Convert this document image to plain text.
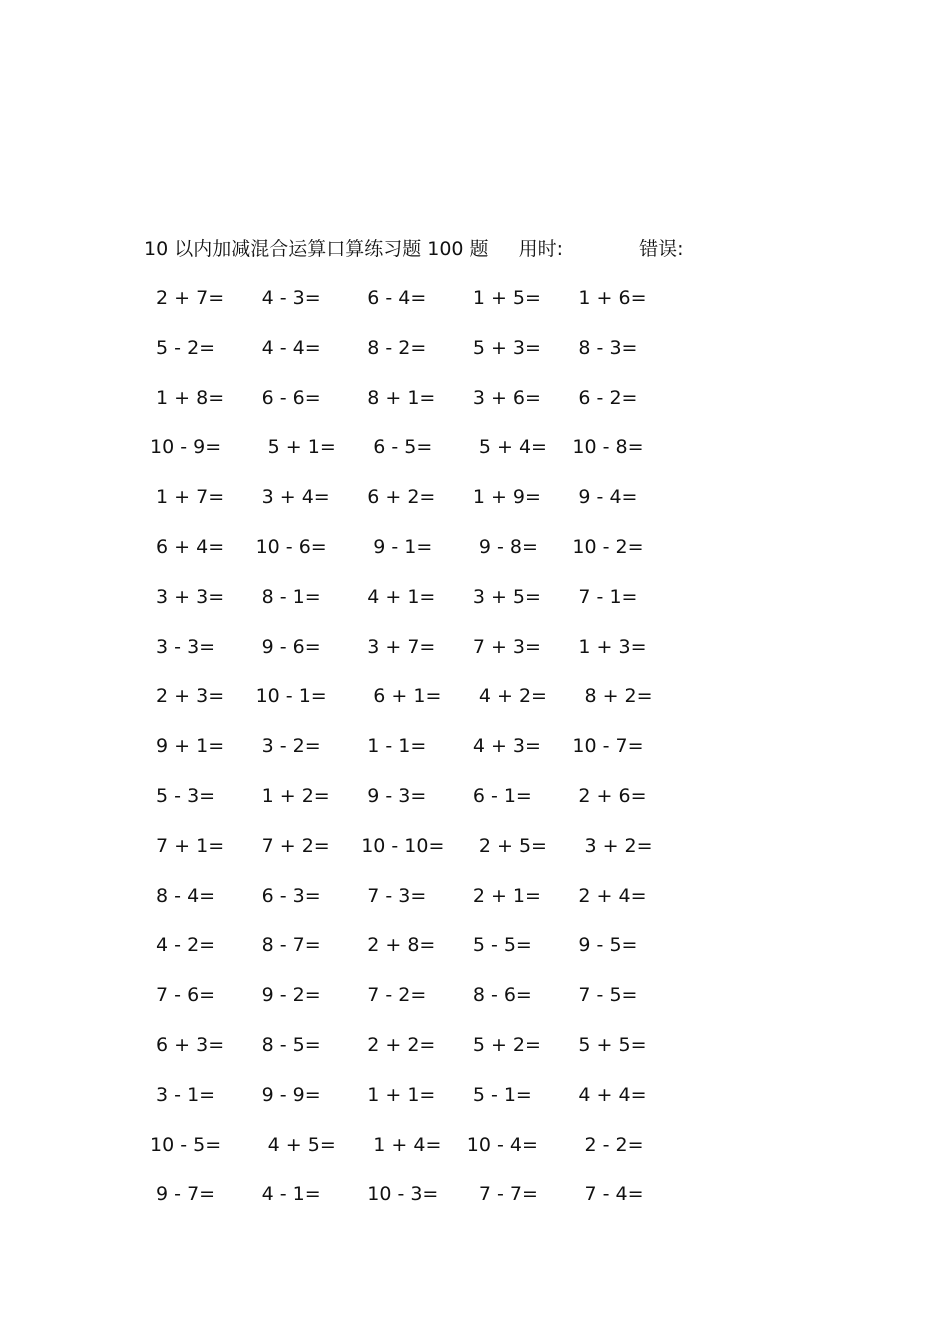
10 以内加减混合运算口算练习题 100 题 用时:	错误:
2 + 7=	4 - 3=	6 - 4=	1 + 5=	1 + 6=
5 - 2=	4 - 4=	8 - 2=	5 + 3=	8 - 3=
1 + 8=	6 - 6=	8 + 1=	3 + 6=	6 - 2=
10 - 9=	5 + 1=	6 - 5=	5 + 4=	10 - 8=
1 + 7=	3 + 4=	6 + 2=	1 + 9=	9 - 4=
6 + 4=	10 - 6=	9 - 1=	9 - 8=	10 - 2=
3 + 3=	8 - 1=	4 + 1=	3 + 5=	7 - 1=
3 - 3=	9 - 6=	3 + 7=	7 + 3=	1 + 3=
2 + 3=	10 - 1=	6 + 1=	4 + 2=	8 + 2=
9 + 1=	3 - 2=	1 - 1=	4 + 3=	10 - 7=
5 - 3=	1 + 2=	9 - 3=	6 - 1=	2 + 6=
7 + 1=	7 + 2=	10 - 10=	2 + 5=	3 + 2=
8 - 4=	6 - 3=	7 - 3=	2 + 1=	2 + 4=
4 - 2=	8 - 7=	2 + 8=	5 - 5=	9 - 5=
7 - 6=	9 - 2=	7 - 2=	8 - 6=	7 - 5=
6 + 3=	8 - 5=	2 + 2=	5 + 2=	5 + 5=
3 - 1=	9 - 9=	1 + 1=	5 - 1=	4 + 4=
10 - 5=	4 + 5=	1 + 4=	10 - 4=	2 - 2=
9 - 7=	4 - 1=	10 - 3=	7 - 7=	7 - 4=
